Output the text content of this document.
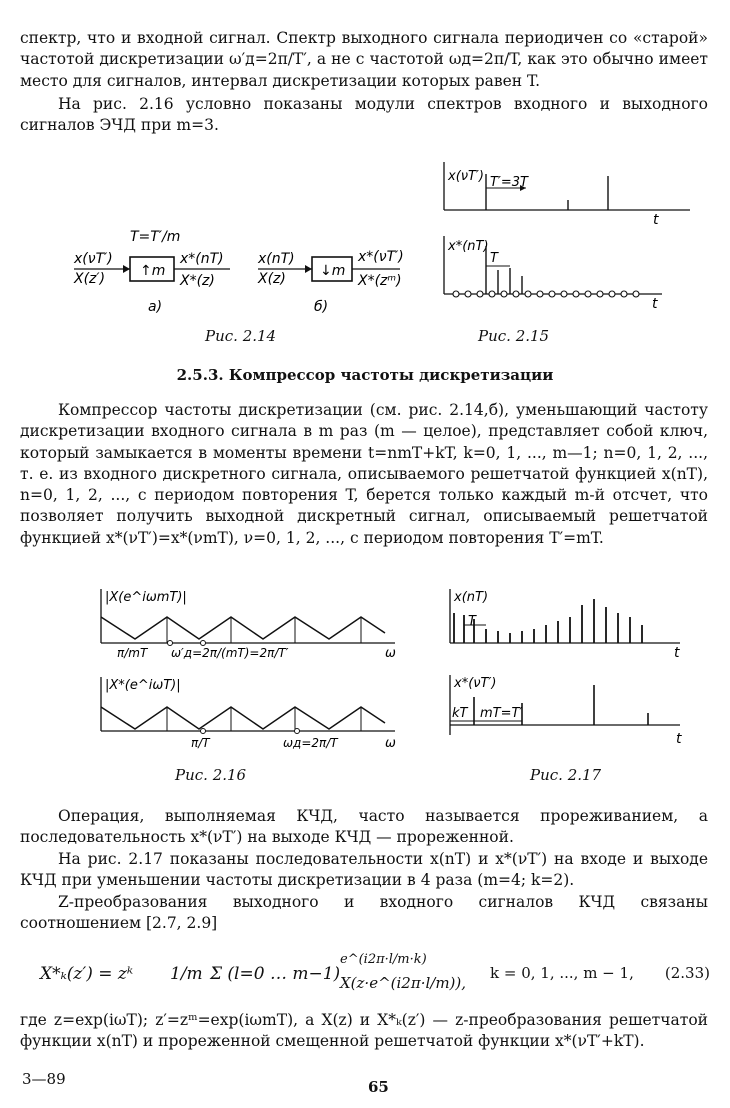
спектр, что и входной сигнал. Спектр выходного сигнала периодичен со «старой» частотой дискретизации ω′д=2π/T′, а не с частотой ωд=2π/T, как это обычно имеет место для сигналов, интервал дискретизации которых равен T.

На рис. 2.16 условно показаны модули спектров входного и выходного сигналов ЭЧД при m=3.

T=T′/m
x(νT′)
X(z′) ↑m
x*(nT)
X*(z)
а)
x(nT)
X(z) ↓m
x*(νT′)
X*(zᵐ)
б)
Рис. 2.14
x(νT′) T′=3T
t
x*(nT)
T
t
Рис. 2.15
2.5.3. Компрессор частоты дискретизации

Компрессор частоты дискретизации (см. рис. 2.14,б), уменьшающий частоту дискретизации входного сигнала в m раз (m — целое), представляет собой ключ, который замыкается в моменты времени t=nmT+kT, k=0, 1, ..., m—1; n=0, 1, 2, ..., т. е. из входного дискретного сигнала, описываемого решетчатой функцией x(nT), n=0, 1, 2, ..., с периодом повторения T, берется только каждый m-й отсчет, что позволяет получить выходной дискретный сигнал, описываемый решетчатой функцией x*(νT′)=x*(νmT), ν=0, 1, 2, ..., с периодом повторения T′=mT.

|X(e^iωmT)|
π/mT ω′д=2π/(mT)=2π/T′	ω
|X*(e^iωT)|
π/T	ωд=2π/T	ω
Рис. 2.16
x(nT)
T
t
x*(νT′)
kT mT=T′
t
Рис. 2.17

Операция, выполняемая КЧД, часто называется прореживанием, а последовательность x*(νT′) на выходе КЧД — прореженной.

На рис. 2.17 показаны последовательности x(nT) и x*(νT′) на входе и выходе КЧД при уменьшении частоты дискретизации в 4 раза (m=4; k=2).

Z-преобразования выходного и входного сигналов КЧД связаны соотношением [2.7, 2.9]

X*ₖ(z′) = zᵏ 1/m Σ (l=0 … m−1)
e^(i2π·l/m·k)
X(z·e^(i2π·l/m)),
k = 0, 1, ..., m − 1, (2.33)

где z=exp(iωT); z′=zᵐ=exp(iωmT), а X(z) и X*ₖ(z′) — z-преобразования решетчатой функции x(nT) и прореженной смещенной решетчатой функции x*(νT′+kT).

3—89	65
